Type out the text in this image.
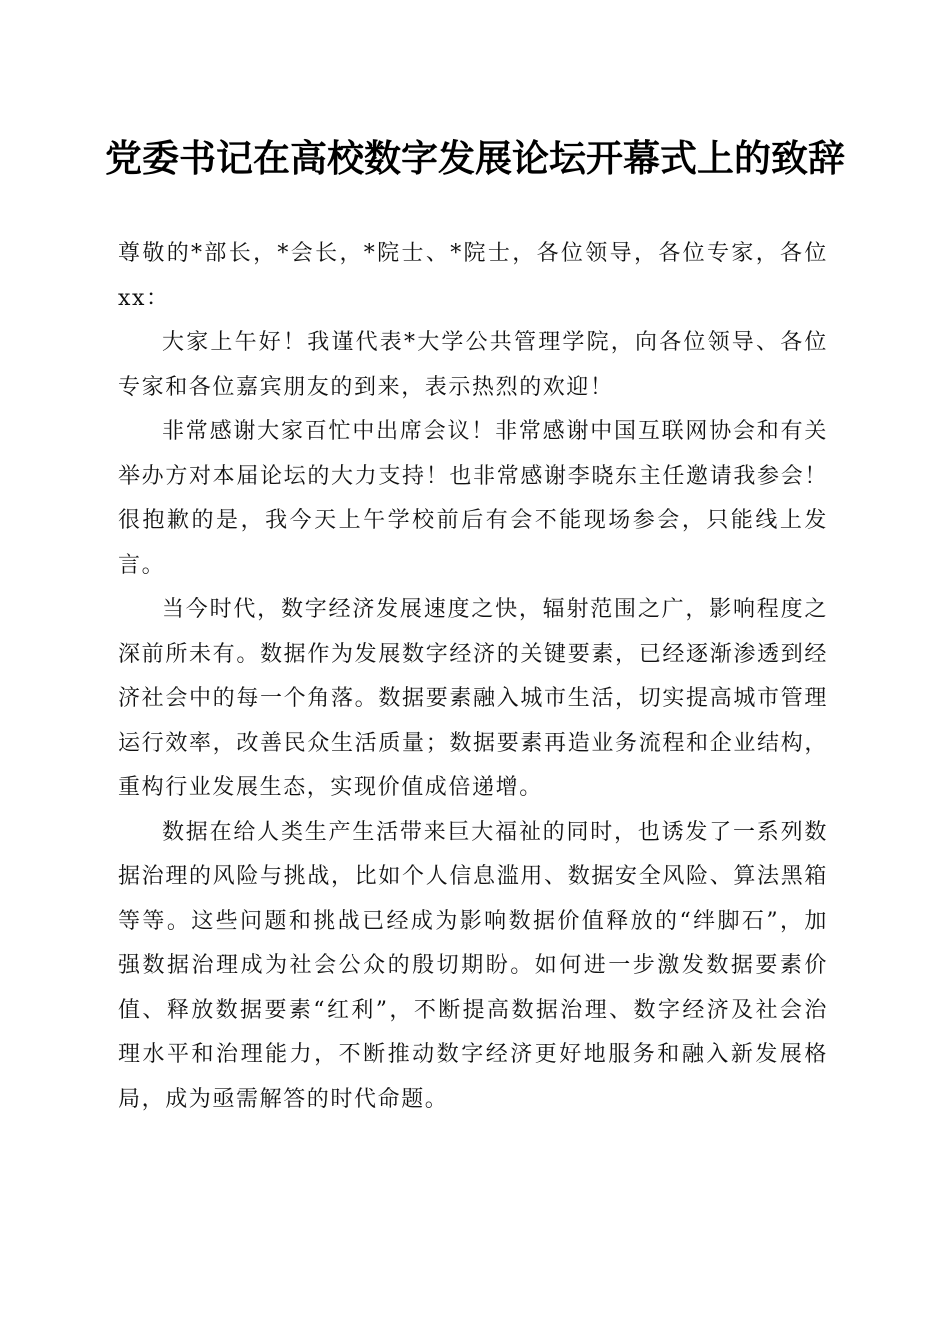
党委书记在高校数字发展论坛开幕式上的致辞

尊敬的*部长，*会长，*院士、*院士，各位领导，各位专家，各位xx：

大家上午好！我谨代表*大学公共管理学院，向各位领导、各位专家和各位嘉宾朋友的到来，表示热烈的欢迎！

非常感谢大家百忙中出席会议！非常感谢中国互联网协会和有关举办方对本届论坛的大力支持！也非常感谢李晓东主任邀请我参会！很抱歉的是，我今天上午学校前后有会不能现场参会，只能线上发言。

当今时代，数字经济发展速度之快，辐射范围之广，影响程度之深前所未有。数据作为发展数字经济的关键要素，已经逐渐渗透到经济社会中的每一个角落。数据要素融入城市生活，切实提高城市管理运行效率，改善民众生活质量；数据要素再造业务流程和企业结构，重构行业发展生态，实现价值成倍递增。

数据在给人类生产生活带来巨大福祉的同时，也诱发了一系列数据治理的风险与挑战，比如个人信息滥用、数据安全风险、算法黑箱等等。这些问题和挑战已经成为影响数据价值释放的“绊脚石”，加强数据治理成为社会公众的殷切期盼。如何进一步激发数据要素价值、释放数据要素“红利”，不断提高数据治理、数字经济及社会治理水平和治理能力，不断推动数字经济更好地服务和融入新发展格局，成为亟需解答的时代命题。
